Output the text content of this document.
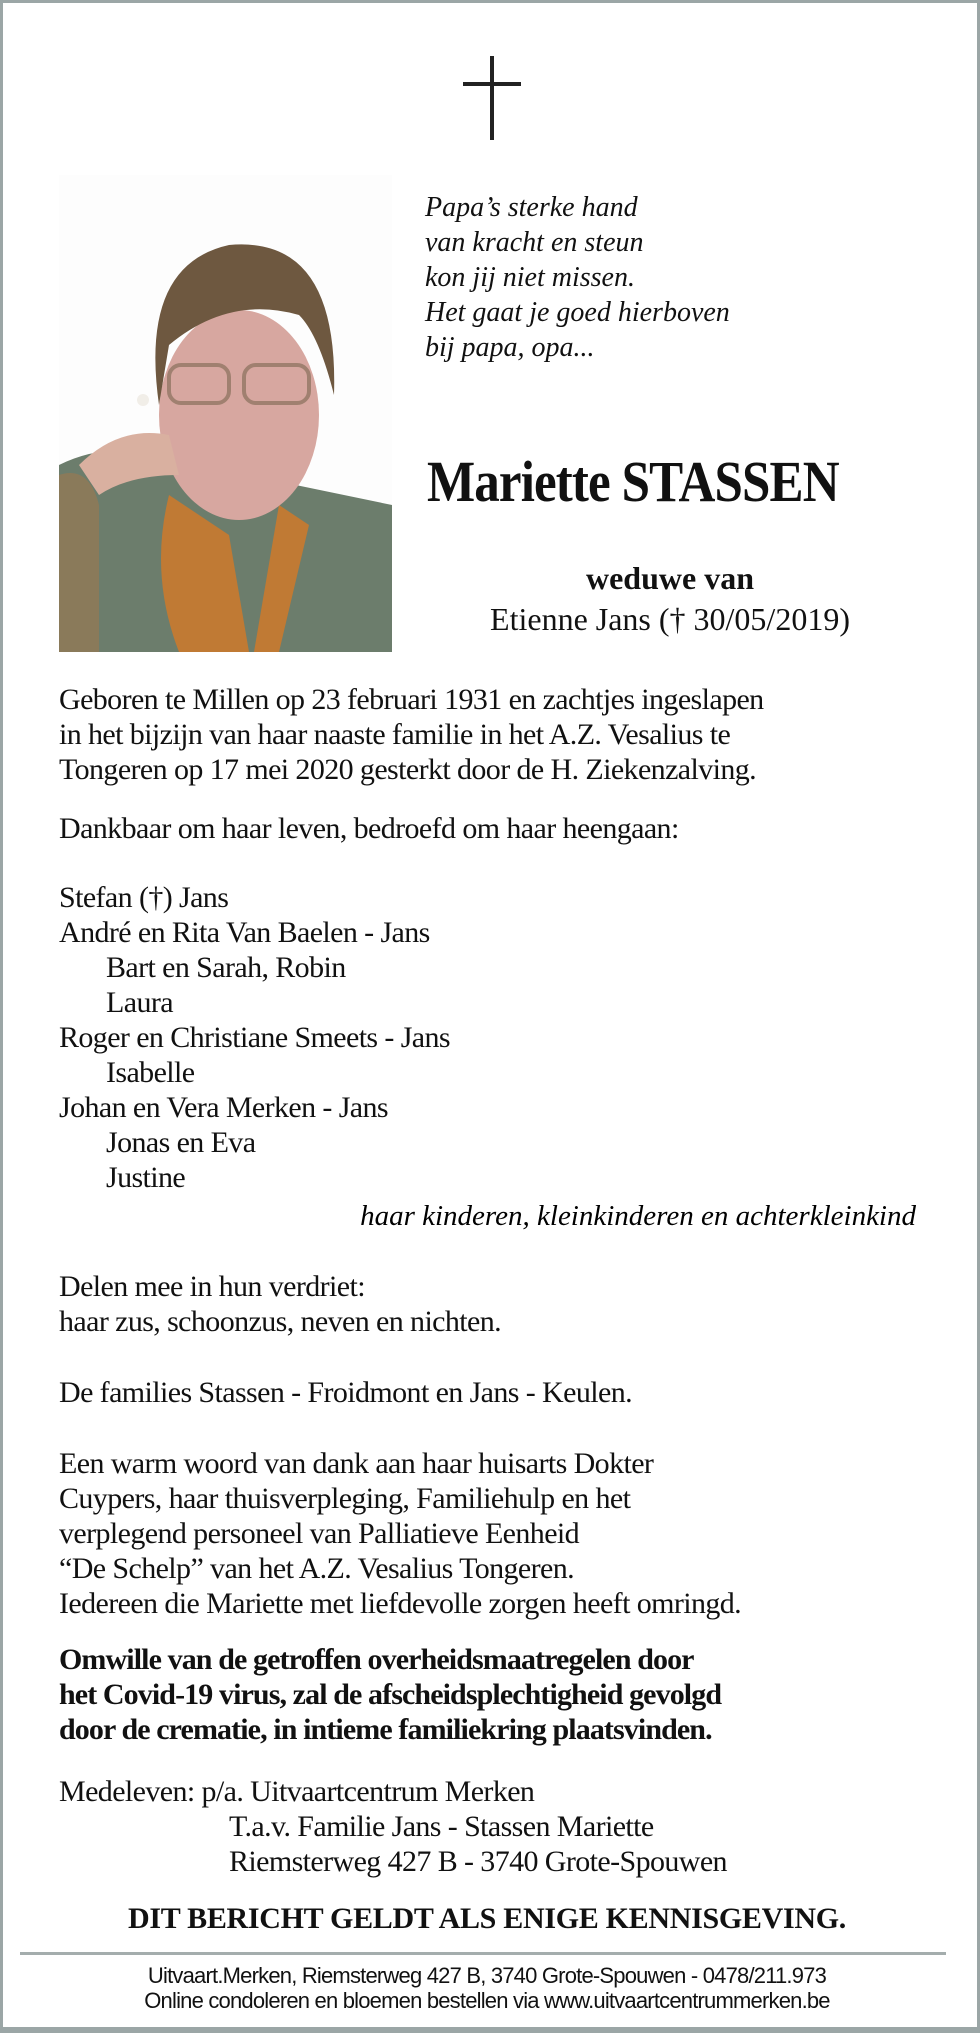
Papa’s sterke hand
van kracht en steun
kon jij niet missen.
Het gaat je goed hierboven
bij papa, opa...
Mariette STASSEN
weduwe van
Etienne Jans († 30/05/2019)
Geboren te Millen op 23 februari 1931 en zachtjes ingeslapen
in het bijzijn van haar naaste familie in het A.Z. Vesalius te
Tongeren op 17 mei 2020 gesterkt door de H. Ziekenzalving.
Dankbaar om haar leven, bedroefd om haar heengaan:
Stefan (†) Jans
André en Rita Van Baelen - Jans
Bart en Sarah, Robin
Laura
Roger en Christiane Smeets - Jans
Isabelle
Johan en Vera Merken - Jans
Jonas en Eva
Justine
haar kinderen, kleinkinderen en achterkleinkind
Delen mee in hun verdriet:
haar zus, schoonzus, neven en nichten.
De families Stassen - Froidmont en Jans - Keulen.
Een warm woord van dank aan haar huisarts Dokter
Cuypers, haar thuisverpleging, Familiehulp en het
verplegend personeel van Palliatieve Eenheid
“De Schelp” van het A.Z. Vesalius Tongeren.
Iedereen die Mariette met liefdevolle zorgen heeft omringd.
Omwille van de getroffen overheidsmaatregelen door
het Covid-19 virus, zal de afscheidsplechtigheid gevolgd
door de crematie, in intieme familiekring plaatsvinden.
Medeleven: p/a. Uitvaartcentrum Merken
T.a.v. Familie Jans - Stassen Mariette
Riemsterweg 427 B - 3740 Grote-Spouwen
DIT BERICHT GELDT ALS ENIGE KENNISGEVING.
Uitvaart.Merken, Riemsterweg 427 B, 3740 Grote-Spouwen - 0478/211.973
Online condoleren en bloemen bestellen via www.uitvaartcentrummerken.be
